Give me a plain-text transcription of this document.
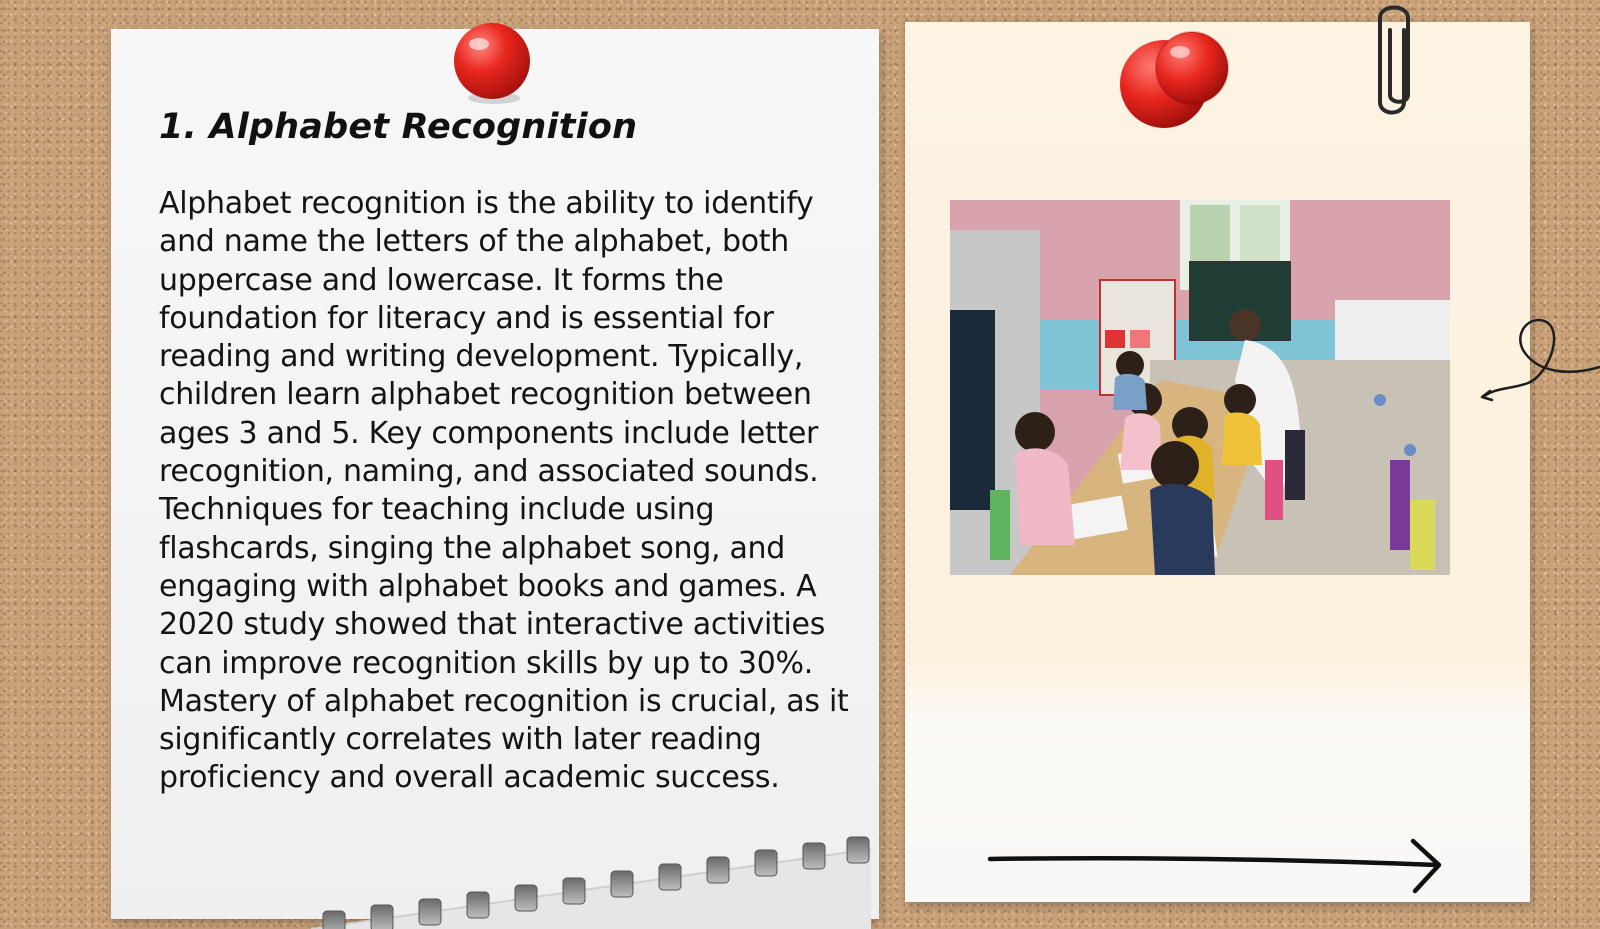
1. Alphabet Recognition

Alphabet recognition is the ability to identify and name the letters of the alphabet, both uppercase and lowercase. It forms the foundation for literacy and is essential for reading and writing development. Typically, children learn alphabet recognition between ages 3 and 5. Key components include letter recognition, naming, and associated sounds. Techniques for teaching include using flashcards, singing the alphabet song, and engaging with alphabet books and games. A 2020 study showed that interactive activities can improve recognition skills by up to 30%. Mastery of alphabet recognition is crucial, as it significantly correlates with later reading proficiency and overall academic success.
